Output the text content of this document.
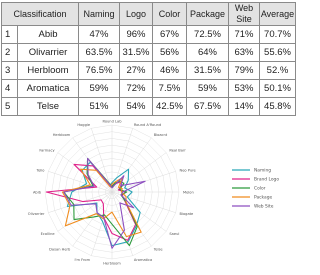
Classification		Naming	Logo	Color	Package	Web Site	Average
1	Abib	47%	96%	67%	72.5%	71%	70.7%
2	Olivarrier	63.5%	31.5%	56%	64%	63%	55.6%
3	Herbloom	76.5%	27%	46%	31.5%	79%	52.%
4	Aromatica	59%	72%	7.5%	59%	53%	50.1%
5	Telse	51%	54%	42.5%	67.5%	14%	45.8%
Round Lab
Round A'Round
Bioacnt
Real Barr
Neo Pure
Melon
Biogate
Saeul
Telse
Aromatica
Herbloom
I'm From
Dasan Herb
Ecolline
Olivarrier
Abib
Telio
Farmacy
Herbloom
Hoggie
Naming
Brand Logo
Color
Package
Web Site
